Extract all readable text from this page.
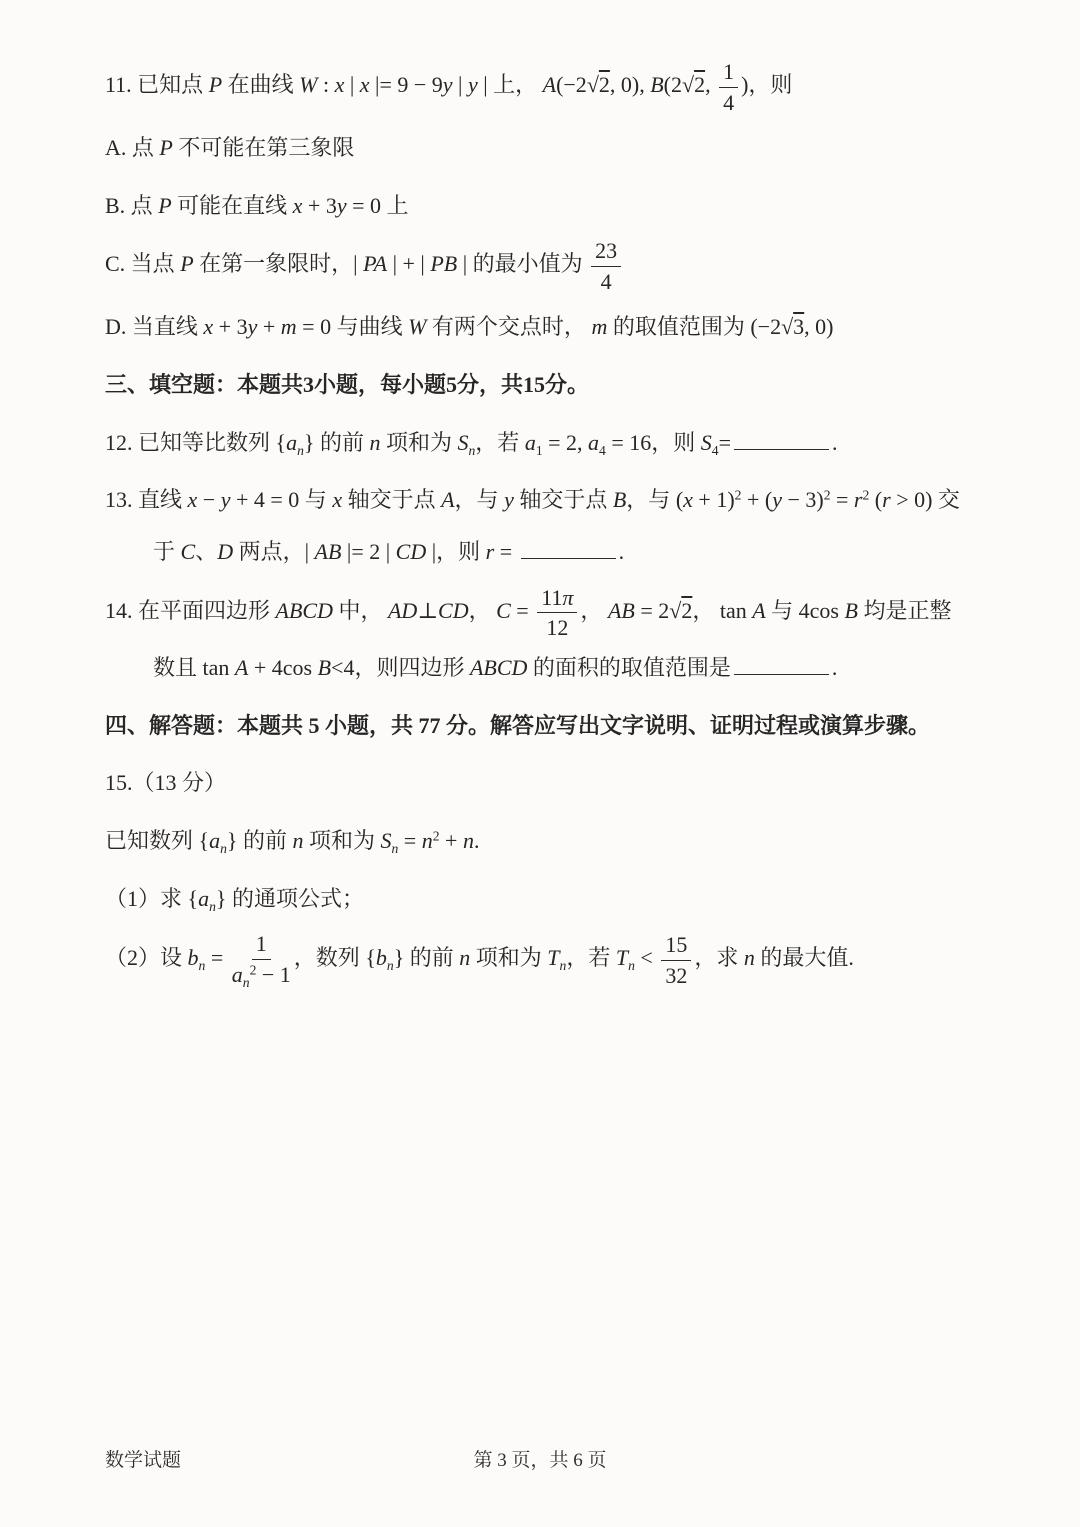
11. 已知点 P 在曲线 W : x | x |= 9 − 9y | y | 上， A(−2√2, 0), B(2√2, $\frac{1}{4}$ )，则

A. 点 P 不可能在第三象限

B. 点 P 可能在直线 x + 3y = 0 上

C. 当点 P 在第一象限时，| PA | + | PB | 的最小值为 $\frac{23}{4}$

D. 当直线 x + 3y + m = 0 与曲线 W 有两个交点时， m 的取值范围为 (−2√3, 0)

三、填空题：本题共3小题，每小题5分，共15分。

12. 已知等比数列 $\{a_n\}$ 的前 n 项和为 $S_n$，若 $a_1 = 2$, $a_4 = 16$，则 $S_4=$	.

13. 直线 x − y + 4 = 0 与 x 轴交于点 A，与 y 轴交于点 B，与 $(x + 1)^2 + (y - 3)^2 = r^2$ (r > 0) 交于 C、D 两点，| AB |= 2 | CD |，则 r =	.

14. 在平面四边形 ABCD 中， AD⊥CD， $C = \frac{11\pi}{12}$ ， AB = 2√2， tan A 与 4cos B 均是正整数且 tan A + 4cos B<4，则四边形 ABCD 的面积的取值范围是	.

四、解答题：本题共 5 小题，共 77 分。解答应写出文字说明、证明过程或演算步骤。

15.（13 分）

已知数列 $\{a_n\}$ 的前 n 项和为 $S_n = n^2 + n$.

（1）求 $\{a_n\}$ 的通项公式；

（2）设 $b_n = \frac{1}{a_n^2 - 1}$ ，数列 $\{b_n\}$ 的前 n 项和为 $T_n$，若 $T_n < \frac{15}{32}$ ，求 n 的最大值.

数学试题	第 3 页，共 6 页
